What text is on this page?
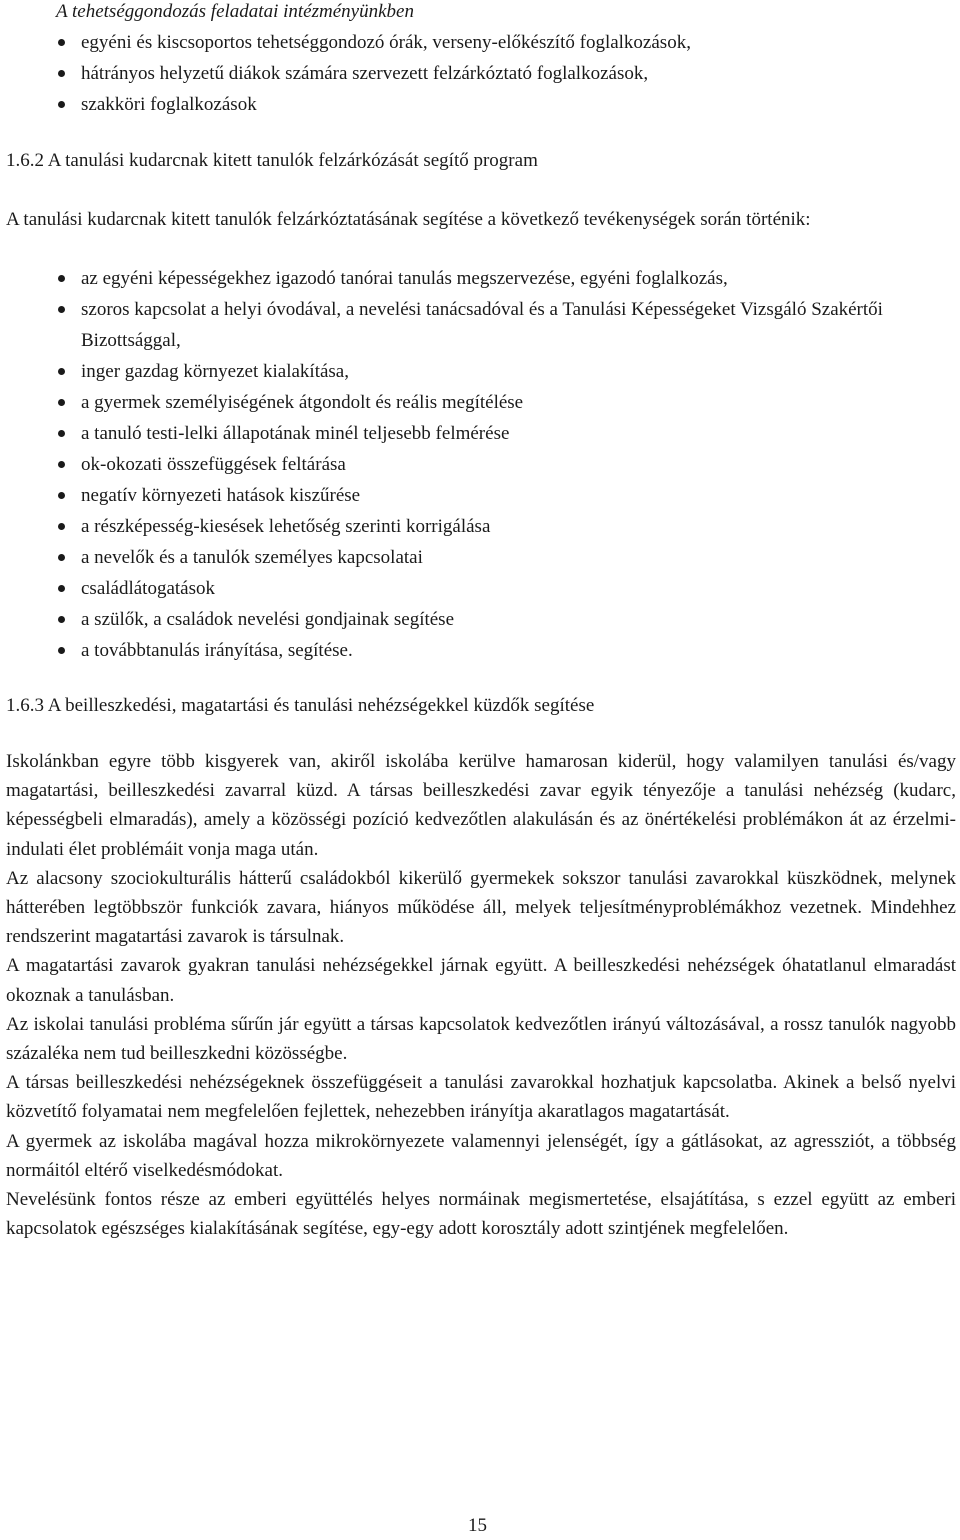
A tehetséggondozás feladatai intézményünkben
egyéni és kiscsoportos tehetséggondozó órák, verseny-előkészítő foglalkozások,
hátrányos helyzetű diákok számára szervezett felzárkóztató foglalkozások,
szakköri foglalkozások
1.6.2 A tanulási kudarcnak kitett tanulók felzárkózását segítő program
A tanulási kudarcnak kitett tanulók felzárkóztatásának segítése a következő tevékenységek során történik:
az egyéni képességekhez igazodó tanórai tanulás megszervezése, egyéni foglalkozás,
szoros kapcsolat a helyi óvodával, a nevelési tanácsadóval és a Tanulási Képességeket Vizsgáló Szakértői Bizottsággal,
inger gazdag környezet kialakítása,
a gyermek személyiségének átgondolt és reális megítélése
a tanuló testi-lelki állapotának minél teljesebb felmérése
ok-okozati összefüggések feltárása
negatív környezeti hatások kiszűrése
a részképesség-kiesések lehetőség szerinti korrigálása
a nevelők és a tanulók személyes kapcsolatai
családlátogatások
a szülők, a családok nevelési gondjainak segítése
a továbbtanulás irányítása, segítése.
1.6.3 A beilleszkedési, magatartási és tanulási nehézségekkel küzdők segítése

Iskolánkban egyre több kisgyerek van, akiről iskolába kerülve hamarosan kiderül, hogy valamilyen tanulási és/vagy magatartási, beilleszkedési zavarral küzd. A társas beilleszkedési zavar egyik tényezője a tanulási nehézség (kudarc, képességbeli elmaradás), amely a közösségi pozíció kedvezőtlen alakulásán és az önértékelési problémákon át az érzelmi-indulati élet problémáit vonja maga után.

Az alacsony szociokulturális hátterű családokból kikerülő gyermekek sokszor tanulási zavarokkal küszködnek, melynek hátterében legtöbbször funkciók zavara, hiányos működése áll, melyek teljesítményproblémákhoz vezetnek. Mindehhez rendszerint magatartási zavarok is társulnak.

A magatartási zavarok gyakran tanulási nehézségekkel járnak együtt. A beilleszkedési nehézségek óhatatlanul elmaradást okoznak a tanulásban.

Az iskolai tanulási probléma sűrűn jár együtt a társas kapcsolatok kedvezőtlen irányú változásával, a rossz tanulók nagyobb százaléka nem tud beilleszkedni közösségbe.

A társas beilleszkedési nehézségeknek összefüggéseit a tanulási zavarokkal hozhatjuk kapcsolatba. Akinek a belső nyelvi közvetítő folyamatai nem megfelelően fejlettek, nehezebben irányítja akaratlagos magatartását.

A gyermek az iskolába magával hozza mikrokörnyezete valamennyi jelenségét, így a gátlásokat, az agressziót, a többség normáitól eltérő viselkedésmódokat.

Nevelésünk fontos része az emberi együttélés helyes normáinak megismertetése, elsajátítása, s ezzel együtt az emberi kapcsolatok egészséges kialakításának segítése, egy-egy adott korosztály adott szintjének megfelelően.

15
